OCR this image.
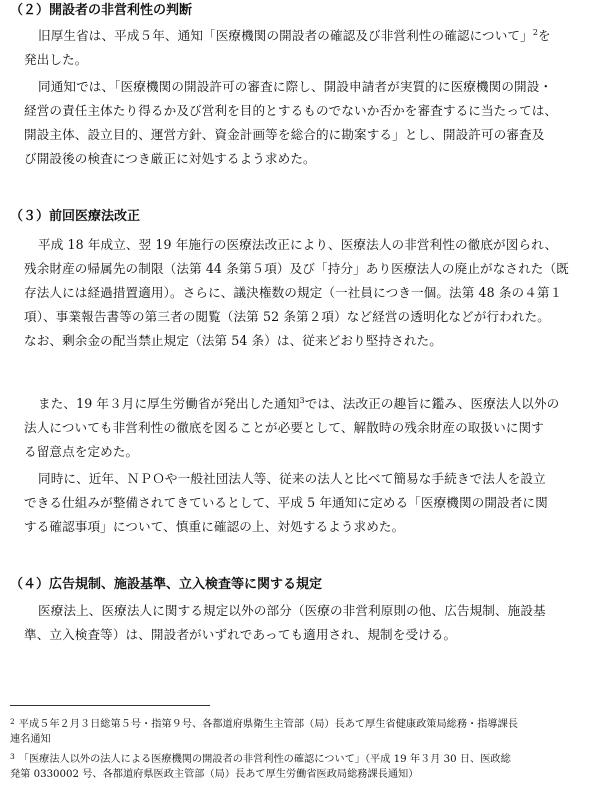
（２）開設者の非営利性の判断
旧厚生省は、平成５年、通知「医療機関の開設者の確認及び非営利性の確認について」$^2$を
発出した。
同通知では、「医療機関の開設許可の審査に際し、開設申請者が実質的に医療機関の開設・
経営の責任主体たり得るか及び営利を目的とするものでないか否かを審査するに当たっては、
開設主体、設立目的、運営方針、資金計画等を総合的に勘案する」とし、開設許可の審査及
び開設後の検査につき厳正に対処するよう求めた。
（３）前回医療法改正
平成 18 年成立、翌 19 年施行の医療法改正により、医療法人の非営利性の徹底が図られ、
残余財産の帰属先の制限（法第 44 条第５項）及び「持分」あり医療法人の廃止がなされた（既
存法人には経過措置適用）。さらに、議決権数の規定（一社員につき一個。法第 48 条の４第１
項）、事業報告書等の第三者の閲覧（法第 52 条第２項）など経営の透明化などが行われた。
なお、剰余金の配当禁止規定（法第 54 条）は、従来どおり堅持された。
また、19 年３月に厚生労働省が発出した通知$^3$では、法改正の趣旨に鑑み、医療法人以外の
法人についても非営利性の徹底を図ることが必要として、解散時の残余財産の取扱いに関す
る留意点を定めた。
同時に、近年、ＮＰＯや一般社団法人等、従来の法人と比べて簡易な手続きで法人を設立
できる仕組みが整備されてきているとして、平成 5 年通知に定める「医療機関の開設者に関
する確認事項」について、慎重に確認の上、対処するよう求めた。
（４）広告規制、施設基準、立入検査等に関する規定
医療法上、医療法人に関する規定以外の部分（医療の非営利原則の他、広告規制、施設基
準、立入検査等）は、開設者がいずれであっても適用され、規制を受ける。
$^2$ 平成５年２月３日総第５号・指第９号、各都道府県衛生主管部（局）長あて厚生省健康政策局総務・指導課長
連名通知
$^3$ 「医療法人以外の法人による医療機関の開設者の非営利性の確認について」（平成 19 年３月 30 日、医政総
発第 0330002 号、各都道府県医政主管部（局）長あて厚生労働省医政局総務課長通知）
